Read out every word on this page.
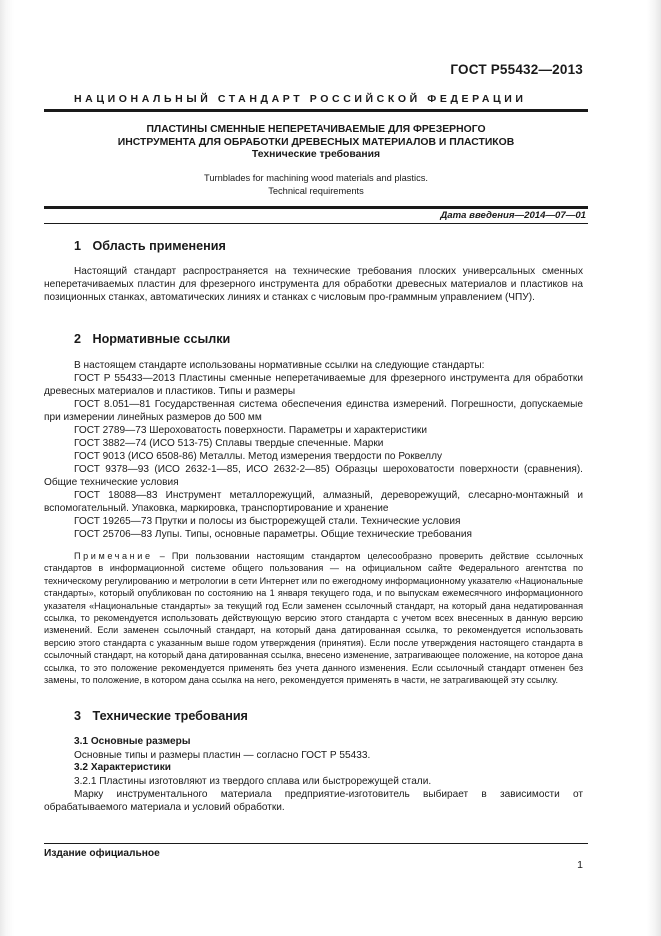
ГОСТ Р55432—2013
НАЦИОНАЛЬНЫЙ СТАНДАРТ РОССИЙСКОЙ ФЕДЕРАЦИИ
ПЛАСТИНЫ СМЕННЫЕ НЕПЕРЕТАЧИВАЕМЫЕ ДЛЯ ФРЕЗЕРНОГО
ИНСТРУМЕНТА ДЛЯ ОБРАБОТКИ ДРЕВЕСНЫХ МАТЕРИАЛОВ И ПЛАСТИКОВ
Технические требования
Turnblades for machining wood materials and plastics.
Technical requirements
Дата введения—2014—07—01
1 Область применения
Настоящий стандарт распространяется на технические требования плоских универсальных сменных неперетачиваемых пластин для фрезерного инструмента для обработки древесных материалов и пластиков на позиционных станках, автоматических линиях и станках с числовым про-граммным управлением (ЧПУ).
2 Нормативные ссылки
В настоящем стандарте использованы нормативные ссылки на следующие стандарты:
ГОСТ Р 55433—2013 Пластины сменные неперетачиваемые для фрезерного инструмента для обработки древесных материалов и пластиков. Типы и размеры
ГОСТ 8.051—81 Государственная система обеспечения единства измерений. Погрешности, допускаемые при измерении линейных размеров до 500 мм
ГОСТ 2789—73 Шероховатость поверхности. Параметры и характеристики
ГОСТ 3882—74 (ИСО 513-75) Сплавы твердые спеченные. Марки
ГОСТ 9013 (ИСО 6508-86) Металлы. Метод измерения твердости по Роквеллу
ГОСТ 9378—93 (ИСО 2632-1—85, ИСО 2632-2—85) Образцы шероховатости поверхности (сравнения). Общие технические условия
ГОСТ 18088—83 Инструмент металлорежущий, алмазный, дереворежущий, слесарно-монтажный и вспомогательный. Упаковка, маркировка, транспортирование и хранение
ГОСТ 19265—73 Прутки и полосы из быстрорежущей стали. Технические условия
ГОСТ 25706—83 Лупы. Типы, основные параметры. Общие технические требования
Примечание – При пользовании настоящим стандартом целесообразно проверить действие ссылочных стандартов в информационной системе общего пользования — на официальном сайте Федерального агентства по техническому регулированию и метрологии в сети Интернет или по ежегодному информационному указателю «Национальные стандарты», который опубликован по состоянию на 1 января текущего года, и по выпускам ежемесячного информационного указателя «Национальные стандарты» за текущий год Если заменен ссылочный стандарт, на который дана недатированная ссылка, то рекомендуется использовать действующую версию этого стандарта с учетом всех внесенных в данную версию изменений. Если заменен ссылочный стандарт, на который дана датированная ссылка, то рекомендуется использовать версию этого стандарта с указанным выше годом утверждения (принятия). Если после утверждения настоящего стандарта в ссылочный стандарт, на который дана датированная ссылка, внесено изменение, затрагивающее положение, на которое дана ссылка, то это положение рекомендуется применять без учета данного изменения. Если ссылочный стандарт отменен без замены, то положение, в котором дана ссылка на него, рекомендуется применять в части, не затрагивающей эту ссылку.
3 Технические требования
3.1 Основные размеры
Основные типы и размеры пластин — согласно ГОСТ Р 55433.
3.2 Характеристики
3.2.1 Пластины изготовляют из твердого сплава или быстрорежущей стали.
Марку инструментального материала предприятие-изготовитель выбирает в зависимости от обрабатываемого материала и условий обработки.
Издание официальное
1
